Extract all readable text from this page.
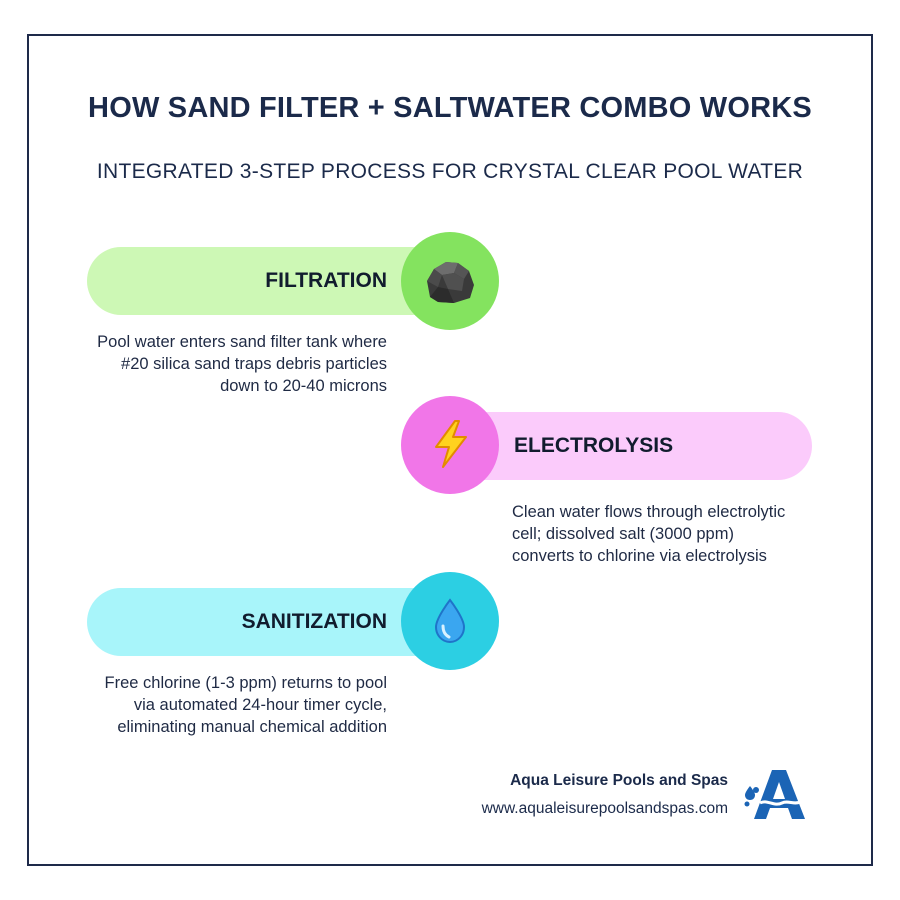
HOW SAND FILTER + SALTWATER COMBO WORKS
INTEGRATED 3-STEP PROCESS FOR CRYSTAL CLEAR POOL WATER
FILTRATION
Pool water enters sand filter tank where #20 silica sand traps debris particles down to 20-40 microns
ELECTROLYSIS
Clean water flows through electrolytic cell; dissolved salt (3000 ppm) converts to chlorine via electrolysis
SANITIZATION
Free chlorine (1-3 ppm) returns to pool via automated 24-hour timer cycle, eliminating manual chemical addition
Aqua Leisure Pools and Spas
www.aqualeisurepoolsandspas.com
